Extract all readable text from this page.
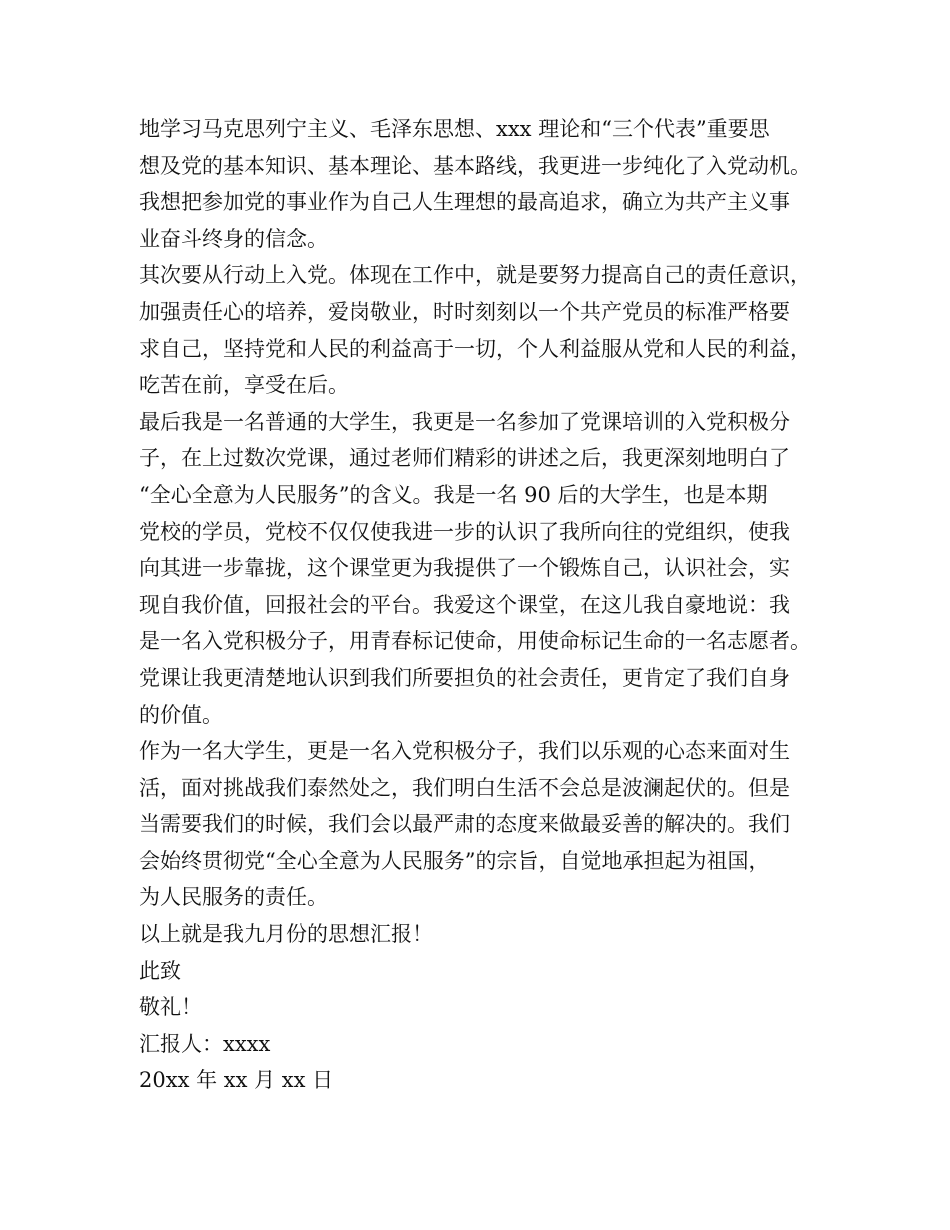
地学习马克思列宁主义、毛泽东思想、xxx 理论和“三个代表”重要思
想及党的基本知识、基本理论、基本路线，我更进一步纯化了入党动机。
我想把参加党的事业作为自己人生理想的最高追求，确立为共产主义事
业奋斗终身的信念。
其次要从行动上入党。体现在工作中，就是要努力提高自己的责任意识，
加强责任心的培养，爱岗敬业，时时刻刻以一个共产党员的标准严格要
求自己，坚持党和人民的利益高于一切，个人利益服从党和人民的利益，
吃苦在前，享受在后。
最后我是一名普通的大学生，我更是一名参加了党课培训的入党积极分
子，在上过数次党课，通过老师们精彩的讲述之后，我更深刻地明白了
“全心全意为人民服务”的含义。我是一名 90 后的大学生，也是本期
党校的学员，党校不仅仅使我进一步的认识了我所向往的党组织，使我
向其进一步靠拢，这个课堂更为我提供了一个锻炼自己，认识社会，实
现自我价值，回报社会的平台。我爱这个课堂，在这儿我自豪地说：我
是一名入党积极分子，用青春标记使命，用使命标记生命的一名志愿者。
党课让我更清楚地认识到我们所要担负的社会责任，更肯定了我们自身
的价值。
作为一名大学生，更是一名入党积极分子，我们以乐观的心态来面对生
活，面对挑战我们泰然处之，我们明白生活不会总是波澜起伏的。但是
当需要我们的时候，我们会以最严肃的态度来做最妥善的解决的。我们
会始终贯彻党“全心全意为人民服务”的宗旨，自觉地承担起为祖国，
为人民服务的责任。
以上就是我九月份的思想汇报！
此致
敬礼！
汇报人：xxxx
20xx 年 xx 月 xx 日
